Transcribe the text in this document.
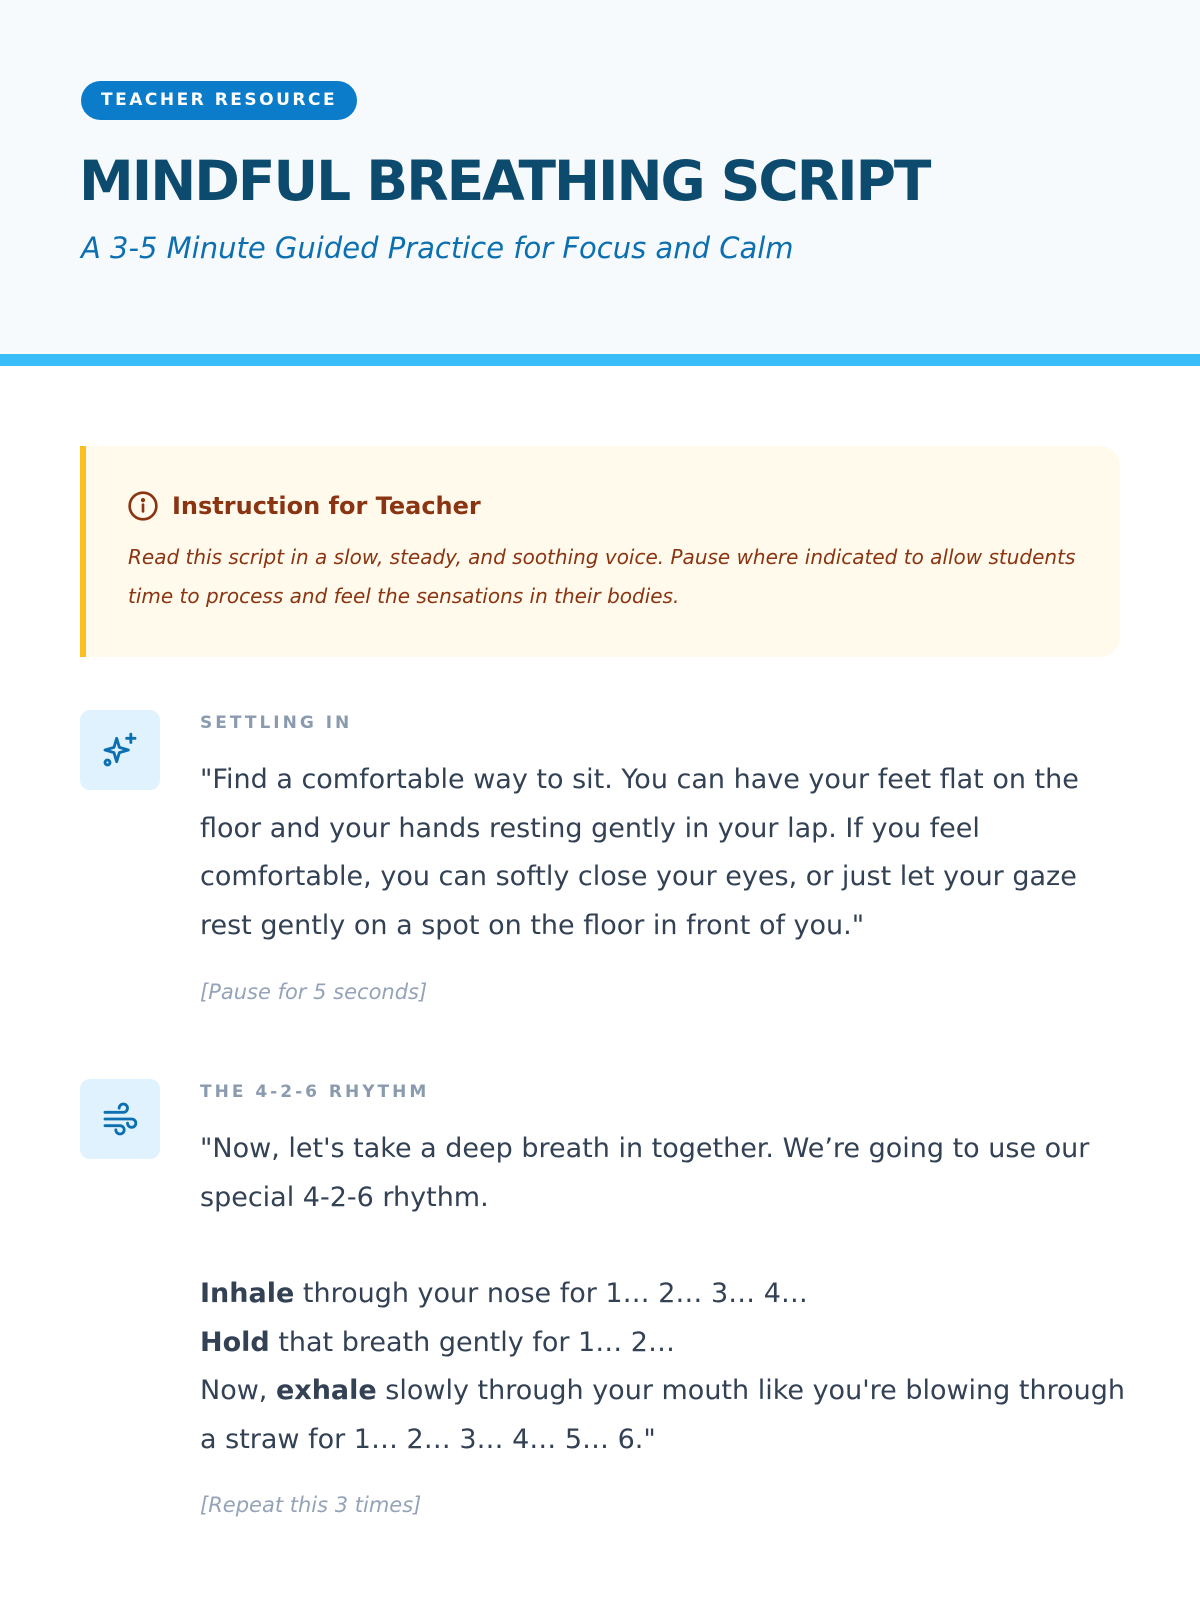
TEACHER RESOURCE
MINDFUL BREATHING SCRIPT
A 3-5 Minute Guided Practice for Focus and Calm
Instruction for Teacher
Read this script in a slow, steady, and soothing voice. Pause where indicated to allow students time to process and feel the sensations in their bodies.
SETTLING IN
"Find a comfortable way to sit. You can have your feet flat on the floor and your hands resting gently in your lap. If you feel comfortable, you can softly close your eyes, or just let your gaze rest gently on a spot on the floor in front of you."
[Pause for 5 seconds]
THE 4-2-6 RHYTHM

"Now, let's take a deep breath in together. We’re going to use our special 4-2-6 rhythm.

Inhale through your nose for 1… 2… 3… 4…

Hold that breath gently for 1… 2…

Now, exhale slowly through your mouth like you're blowing through a straw for 1… 2… 3… 4… 5… 6."

[Repeat this 3 times]
